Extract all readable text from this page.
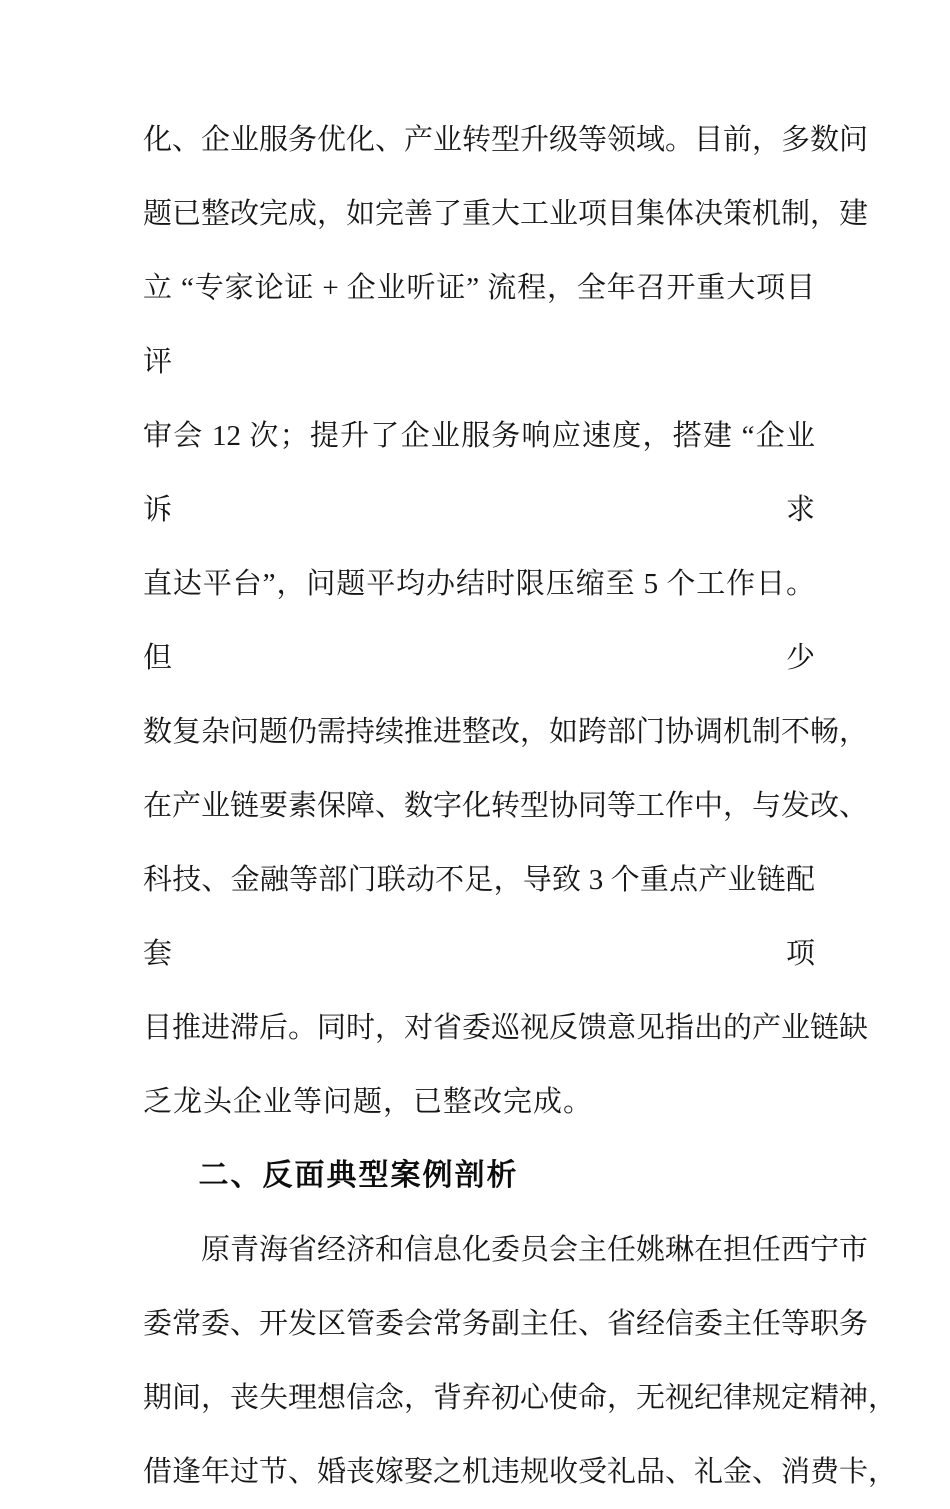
化、企业服务优化、产业转型升级等领域。目前，多数问
题已整改完成，如完善了重大工业项目集体决策机制，建
立 “专家论证 + 企业听证” 流程，全年召开重大项目评
审会 12 次；提升了企业服务响应速度，搭建 “企业诉求
直达平台”，问题平均办结时限压缩至 5 个工作日。但少
数复杂问题仍需持续推进整改，如跨部门协调机制不畅，
在产业链要素保障、数字化转型协同等工作中，与发改、
科技、金融等部门联动不足，导致 3 个重点产业链配套项
目推进滞后。同时，对省委巡视反馈意见指出的产业链缺
乏龙头企业等问题，已整改完成。
二、反面典型案例剖析
原青海省经济和信息化委员会主任姚琳在担任西宁市
委常委、开发区管委会常务副主任、省经信委主任等职务
期间，丧失理想信念，背弃初心使命，无视纪律规定精神，
借逢年过节、婚丧嫁娶之机违规收受礼品、礼金、消费卡，
